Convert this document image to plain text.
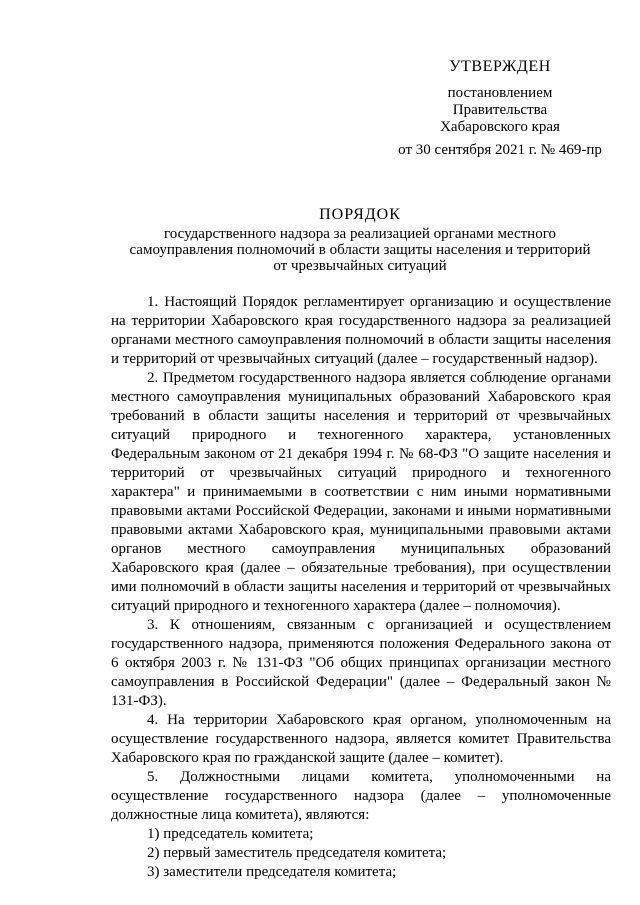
УТВЕРЖДЕН
постановлением
Правительства
Хабаровского края
от 30 сентября 2021 г. № 469-пр
ПОРЯДОК
государственного надзора за реализацией органами местного
самоуправления полномочий в области защиты населения и территорий
от чрезвычайных ситуаций

1. Настоящий Порядок регламентирует организацию и осуществление на территории Хабаровского края государственного надзора за реализацией органами местного самоуправления полномочий в области защиты населения и территорий от чрезвычайных ситуаций (далее – государственный надзор).

2. Предметом государственного надзора является соблюдение органами местного самоуправления муниципальных образований Хабаровского края требований в области защиты населения и территорий от чрезвычайных ситуаций природного и техногенного характера, установленных Федеральным законом от 21 декабря 1994 г. № 68-ФЗ "О защите населения и территорий от чрезвычайных ситуаций природного и техногенного характера" и принимаемыми в соответствии с ним иными нормативными правовыми актами Российской Федерации, законами и иными нормативными правовыми актами Хабаровского края, муниципальными правовыми актами органов местного самоуправления муниципальных образований Хабаровского края (далее – обязательные требования), при осуществлении ими полномочий в области защиты населения и территорий от чрезвычайных ситуаций природного и техногенного характера (далее – полномочия).

3. К отношениям, связанным с организацией и осуществлением государственного надзора, применяются положения Федерального закона от 6 октября 2003 г. № 131-ФЗ "Об общих принципах организации местного самоуправления в Российской Федерации" (далее – Федеральный закон № 131-ФЗ).

4. На территории Хабаровского края органом, уполномоченным на осуществление государственного надзора, является комитет Правительства Хабаровского края по гражданской защите (далее – комитет).

5. Должностными лицами комитета, уполномоченными на осуществление государственного надзора (далее – уполномоченные должностные лица комитета), являются:

1) председатель комитета;

2) первый заместитель председателя комитета;

3) заместители председателя комитета;
